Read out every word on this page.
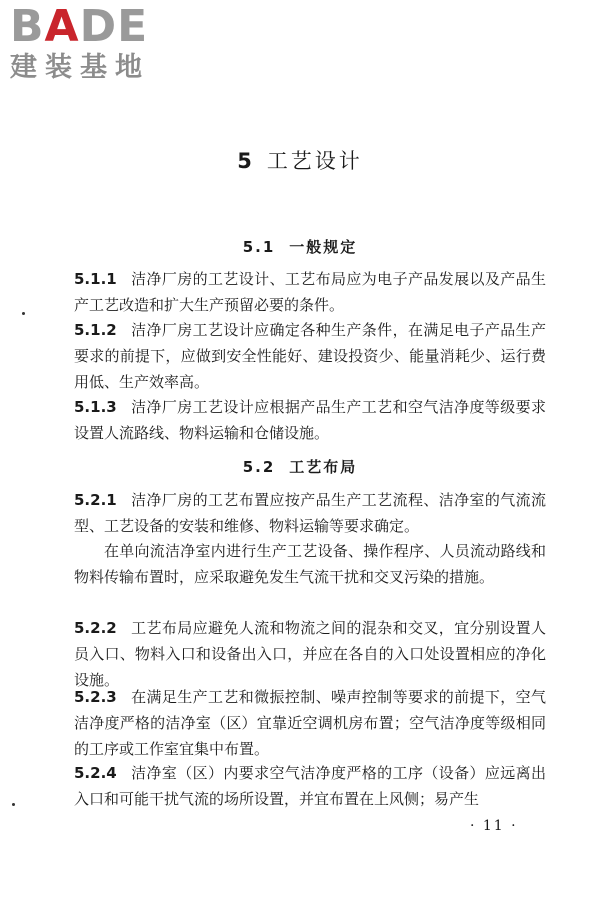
BADE
建装基地
5 工艺设计
5.1 一般规定

5.1.1 洁净厂房的工艺设计、工艺布局应为电子产品发展以及产品生产工艺改造和扩大生产预留必要的条件。

5.1.2 洁净厂房工艺设计应确定各种生产条件，在满足电子产品生产要求的前提下，应做到安全性能好、建设投资少、能量消耗少、运行费用低、生产效率高。

5.1.3 洁净厂房工艺设计应根据产品生产工艺和空气洁净度等级要求设置人流路线、物料运输和仓储设施。

5.2 工艺布局

5.2.1 洁净厂房的工艺布置应按产品生产工艺流程、洁净室的气流流型、工艺设备的安装和维修、物料运输等要求确定。

在单向流洁净室内进行生产工艺设备、操作程序、人员流动路线和物料传输布置时，应采取避免发生气流干扰和交叉污染的措施。

5.2.2 工艺布局应避免人流和物流之间的混杂和交叉，宜分别设置人员入口、物料入口和设备出入口，并应在各自的入口处设置相应的净化设施。

5.2.3 在满足生产工艺和微振控制、噪声控制等要求的前提下，空气洁净度严格的洁净室（区）宜靠近空调机房布置；空气洁净度等级相同的工序或工作室宜集中布置。

5.2.4 洁净室（区）内要求空气洁净度严格的工序（设备）应远离出入口和可能干扰气流的场所设置，并宜布置在上风侧；易产生

· 11 ·
